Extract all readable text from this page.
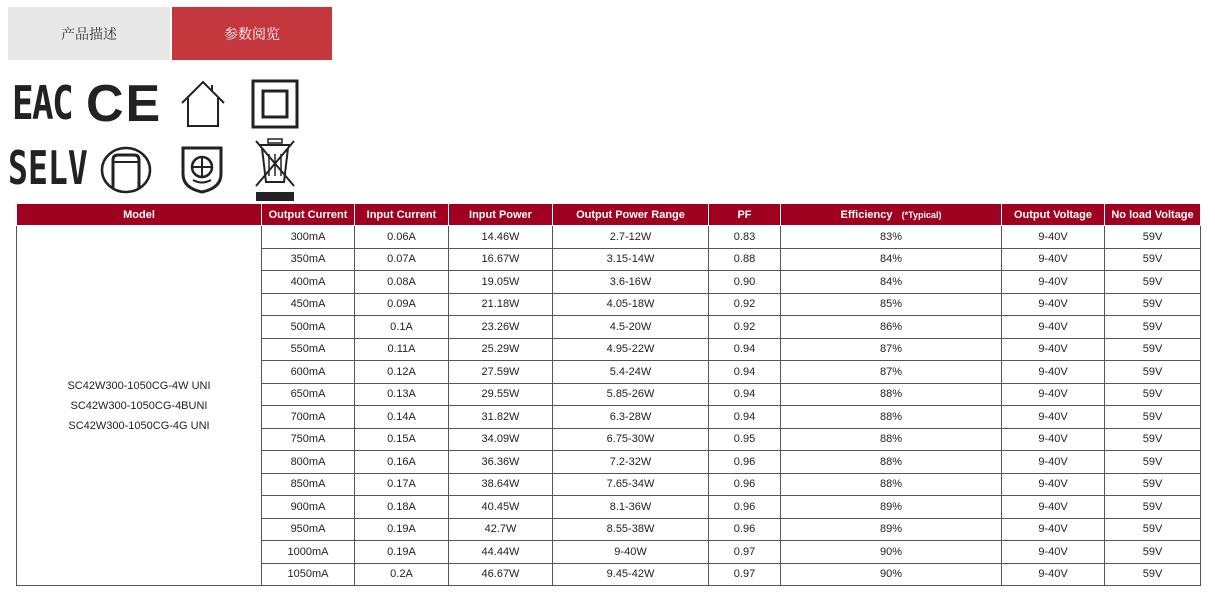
产品描述	参数阅览
EAC CE
SELV
Model	Output Current	Input Current	Input Power	Output Power Range	PF	Efficiency (*Typical)	Output Voltage	No load Voltage

SC42W300-1050CG-4W UNI
SC42W300-1050CG-4BUNI
SC42W300-1050CG-4G UNI	300mA	0.06A	14.46W	2.7-12W	0.83	83%	9-40V	59V
	350mA	0.07A	16.67W	3.15-14W	0.88	84%	9-40V	59V
	400mA	0.08A	19.05W	3.6-16W	0.90	84%	9-40V	59V
	450mA	0.09A	21.18W	4.05-18W	0.92	85%	9-40V	59V
	500mA	0.1A	23.26W	4.5-20W	0.92	86%	9-40V	59V
	550mA	0.11A	25.29W	4.95-22W	0.94	87%	9-40V	59V
	600mA	0.12A	27.59W	5.4-24W	0.94	87%	9-40V	59V
	650mA	0.13A	29.55W	5.85-26W	0.94	88%	9-40V	59V
	700mA	0.14A	31.82W	6.3-28W	0.94	88%	9-40V	59V
	750mA	0.15A	34.09W	6.75-30W	0.95	88%	9-40V	59V
	800mA	0.16A	36.36W	7.2-32W	0.96	88%	9-40V	59V
	850mA	0.17A	38.64W	7.65-34W	0.96	88%	9-40V	59V
	900mA	0.18A	40.45W	8.1-36W	0.96	89%	9-40V	59V
	950mA	0.19A	42.7W	8.55-38W	0.96	89%	9-40V	59V
	1000mA	0.19A	44.44W	9-40W	0.97	90%	9-40V	59V
	1050mA	0.2A	46.67W	9.45-42W	0.97	90%	9-40V	59V
